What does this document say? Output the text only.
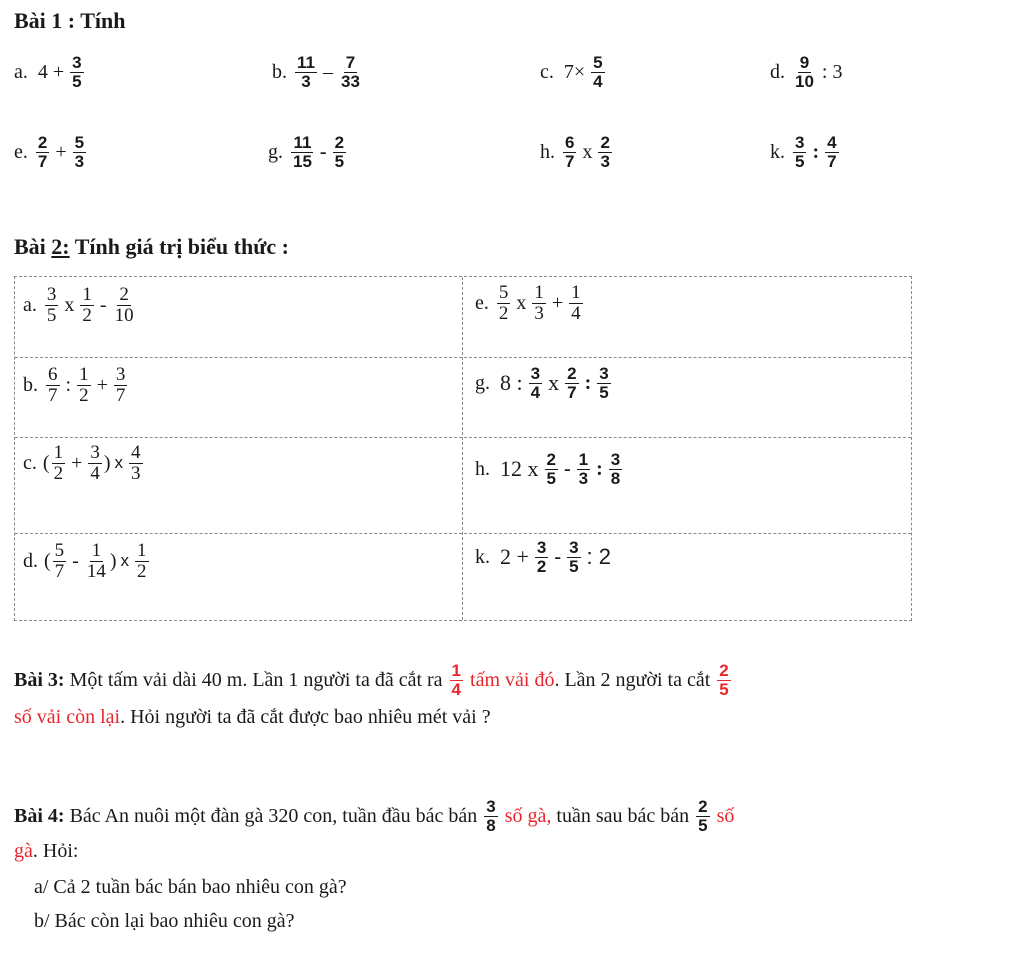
Bài 1 : Tính
a. $4 + \frac{3}{5}$	b. $\frac{11}{3} - \frac{7}{33}$	c. $7\times \frac{5}{4}$	d. $\frac{9}{10}$ : 3
e. $\frac{2}{7} + \frac{5}{3}$	g. $\frac{11}{15} - \frac{2}{5}$	h. $\frac{6}{7}$ x $\frac{2}{3}$	k. $\frac{3}{5}$ : $\frac{4}{7}$
Bài 2: Tính giá trị biểu thức :
a. $\frac{3}{5}$ x $\frac{1}{2} - \frac{2}{10}$	e. $\frac{5}{2}$ x $\frac{1}{3} + \frac{1}{4}$
b. $\frac{6}{7}$ : $\frac{1}{2} + \frac{3}{7}$	g. 8 : $\frac{3}{4}$ x $\frac{2}{7}$ : $\frac{3}{5}$
c. ( $\frac{1}{2} + \frac{3}{4}$ ) x $\frac{4}{3}$	h. 12 x $\frac{2}{5} - \frac{1}{3}$ : $\frac{3}{8}$
d. ( $\frac{5}{7} - \frac{1}{14}$ ) x $\frac{1}{2}$	k. $2 + \frac{3}{2} - \frac{3}{5}$ : 2
Bài 3: Một tấm vải dài 40 m. Lần 1 người ta đã cắt ra $\frac{1}{4}$ tấm vải đó . Lần 2 người ta cắt $\frac{2}{5}$
số vải còn lại. Hỏi người ta đã cắt được bao nhiêu mét vải ?
Bài 4: Bác An nuôi một đàn gà 320 con, tuần đầu bác bán $\frac{3}{8}$ số gà, tuần sau bác bán $\frac{2}{5}$ số
gà. Hỏi:
a/ Cả 2 tuần bác bán bao nhiêu con gà?
b/ Bác còn lại bao nhiêu con gà?
